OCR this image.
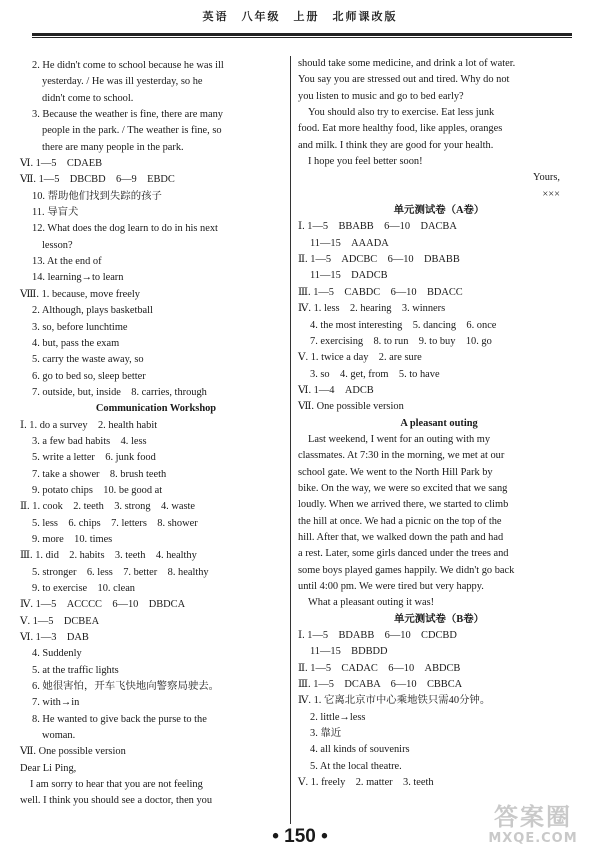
英语　八年级　上册　北师课改版
2. He didn't come to school because he was ill
yesterday. / He was ill yesterday, so he
didn't come to school.
3. Because the weather is fine, there are many
people in the park. / The weather is fine, so
there are many people in the park.
Ⅵ. 1—5　CDAEB
Ⅶ. 1—5　DBCBD　6—9　EBDC
10. 帮助他们找到失踪的孩子
11. 导盲犬
12. What does the dog learn to do in his next
lesson?
13. At the end of
14. learning→to learn
Ⅷ. 1. because, move freely
2. Although, plays basketball
3. so, before lunchtime
4. but, pass the exam
5. carry the waste away, so
6. go to bed so, sleep better
7. outside, but, inside　8. carries, through
Communication Workshop
Ⅰ. 1. do a survey　2. health habit
3. a few bad habits　4. less
5. write a letter　6. junk food
7. take a shower　8. brush teeth
9. potato chips　10. be good at
Ⅱ. 1. cook　2. teeth　3. strong　4. waste
5. less　6. chips　7. letters　8. shower
9. more　10. times
Ⅲ. 1. did　2. habits　3. teeth　4. healthy
5. stronger　6. less　7. better　8. healthy
9. to exercise　10. clean
Ⅳ. 1—5　ACCCC　6—10　DBDCA
Ⅴ. 1—5　DCBEA
Ⅵ. 1—3　DAB
4. Suddenly
5. at the traffic lights
6. 她很害怕，开车飞快地向警察局驶去。
7. with→in
8. He wanted to give back the purse to the
woman.
Ⅶ. One possible version
Dear Li Ping,
I am sorry to hear that you are not feeling
well. I think you should see a doctor, then you
should take some medicine, and drink a lot of water.
You say you are stressed out and tired. Why do not
you listen to music and go to bed early?
You should also try to exercise. Eat less junk
food. Eat more healthy food, like apples, oranges
and milk. I think they are good for your health.
I hope you feel better soon!
Yours,
×××
单元测试卷（A卷）
Ⅰ. 1—5　BBABB　6—10　DACBA
11—15　AAADA
Ⅱ. 1—5　ADCBC　6—10　DBABB
11—15　DADCB
Ⅲ. 1—5　CABDC　6—10　BDACC
Ⅳ. 1. less　2. hearing　3. winners
4. the most interesting　5. dancing　6. once
7. exercising　8. to run　9. to buy　10. go
Ⅴ. 1. twice a day　2. are sure
3. so　4. get, from　5. to have
Ⅵ. 1—4　ADCB
Ⅶ. One possible version
A pleasant outing
Last weekend, I went for an outing with my
classmates. At 7:30 in the morning, we met at our
school gate. We went to the North Hill Park by
bike. On the way, we were so excited that we sang
loudly. When we arrived there, we started to climb
the hill at once. We had a picnic on the top of the
hill. After that, we walked down the path and had
a rest. Later, some girls danced under the trees and
some boys played games happily. We didn't go back
until 4:00 pm. We were tired but very happy.
What a pleasant outing it was!
单元测试卷（B卷）
Ⅰ. 1—5　BDABB　6—10　CDCBD
11—15　BDBDD
Ⅱ. 1—5　CADAC　6—10　ABDCB
Ⅲ. 1—5　DCABA　6—10　CBBCA
Ⅳ. 1. 它离北京市中心乘地铁只需40分钟。
2. little→less
3. 靠近
4. all kinds of souvenirs
5. At the local theatre.
Ⅴ. 1. freely　2. matter　3. teeth
• 150 •
答案圈
MXQE.COM
